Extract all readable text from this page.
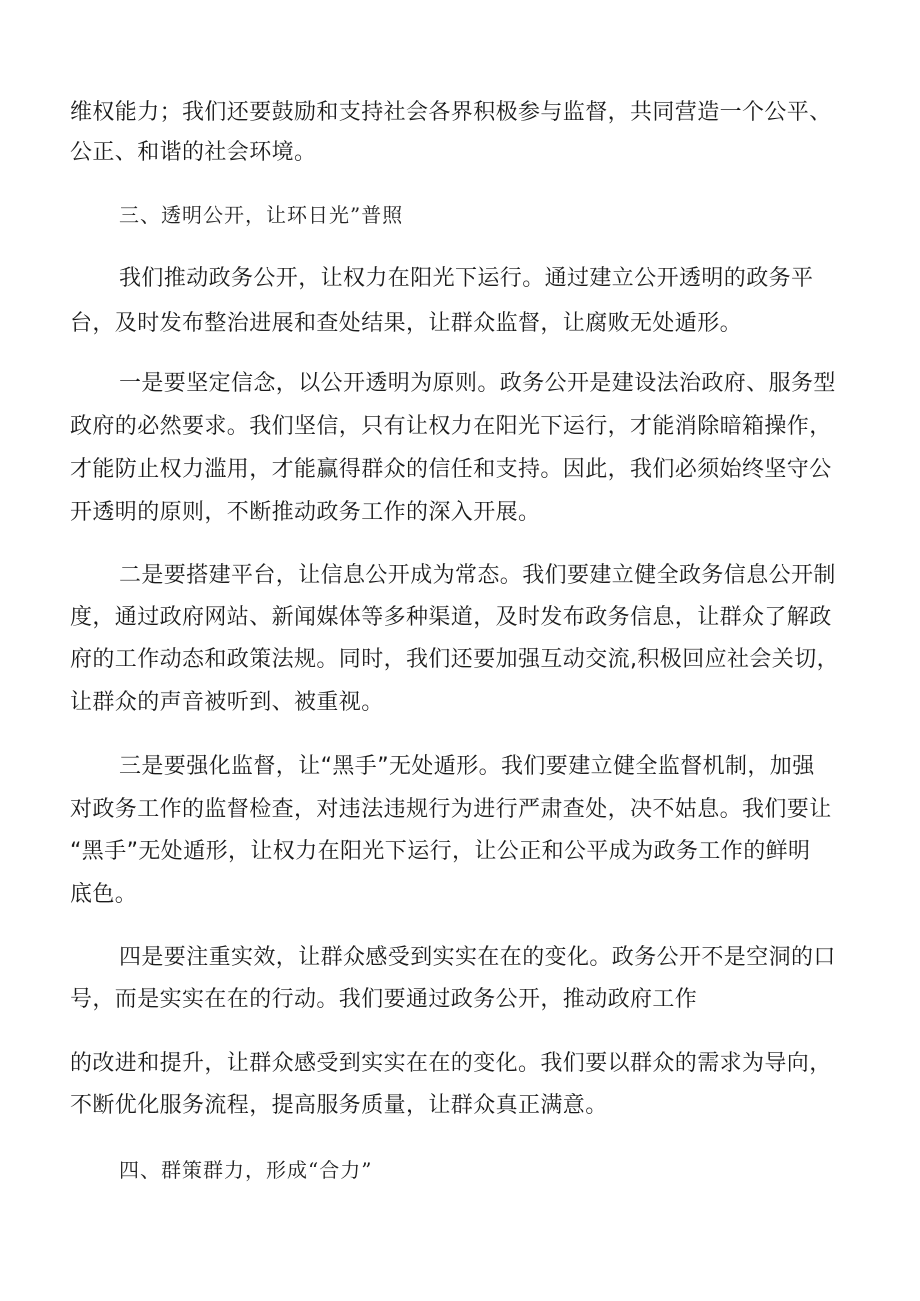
维权能力；我们还要鼓励和支持社会各界积极参与监督，共同营造一个公平、
公正、和谐的社会环境。
三、透明公开，让环日光”普照
我们推动政务公开，让权力在阳光下运行。通过建立公开透明的政务平
台，及时发布整治进展和查处结果，让群众监督，让腐败无处遁形。
一是要坚定信念，以公开透明为原则。政务公开是建设法治政府、服务型
政府的必然要求。我们坚信，只有让权力在阳光下运行，才能消除暗箱操作，
才能防止权力滥用，才能赢得群众的信任和支持。因此，我们必须始终坚守公
开透明的原则，不断推动政务工作的深入开展。
二是要搭建平台，让信息公开成为常态。我们要建立健全政务信息公开制
度，通过政府网站、新闻媒体等多种渠道，及时发布政务信息，让群众了解政
府的工作动态和政策法规。同时，我们还要加强互动交流,积极回应社会关切，
让群众的声音被听到、被重视。
三是要强化监督，让“黑手”无处遁形。我们要建立健全监督机制，加强
对政务工作的监督检查，对违法违规行为进行严肃查处，决不姑息。我们要让
“黑手”无处遁形，让权力在阳光下运行，让公正和公平成为政务工作的鲜明
底色。
四是要注重实效，让群众感受到实实在在的变化。政务公开不是空洞的口
号，而是实实在在的行动。我们要通过政务公开，推动政府工作
的改进和提升，让群众感受到实实在在的变化。我们要以群众的需求为导向，
不断优化服务流程，提高服务质量，让群众真正满意。
四、群策群力，形成“合力”
